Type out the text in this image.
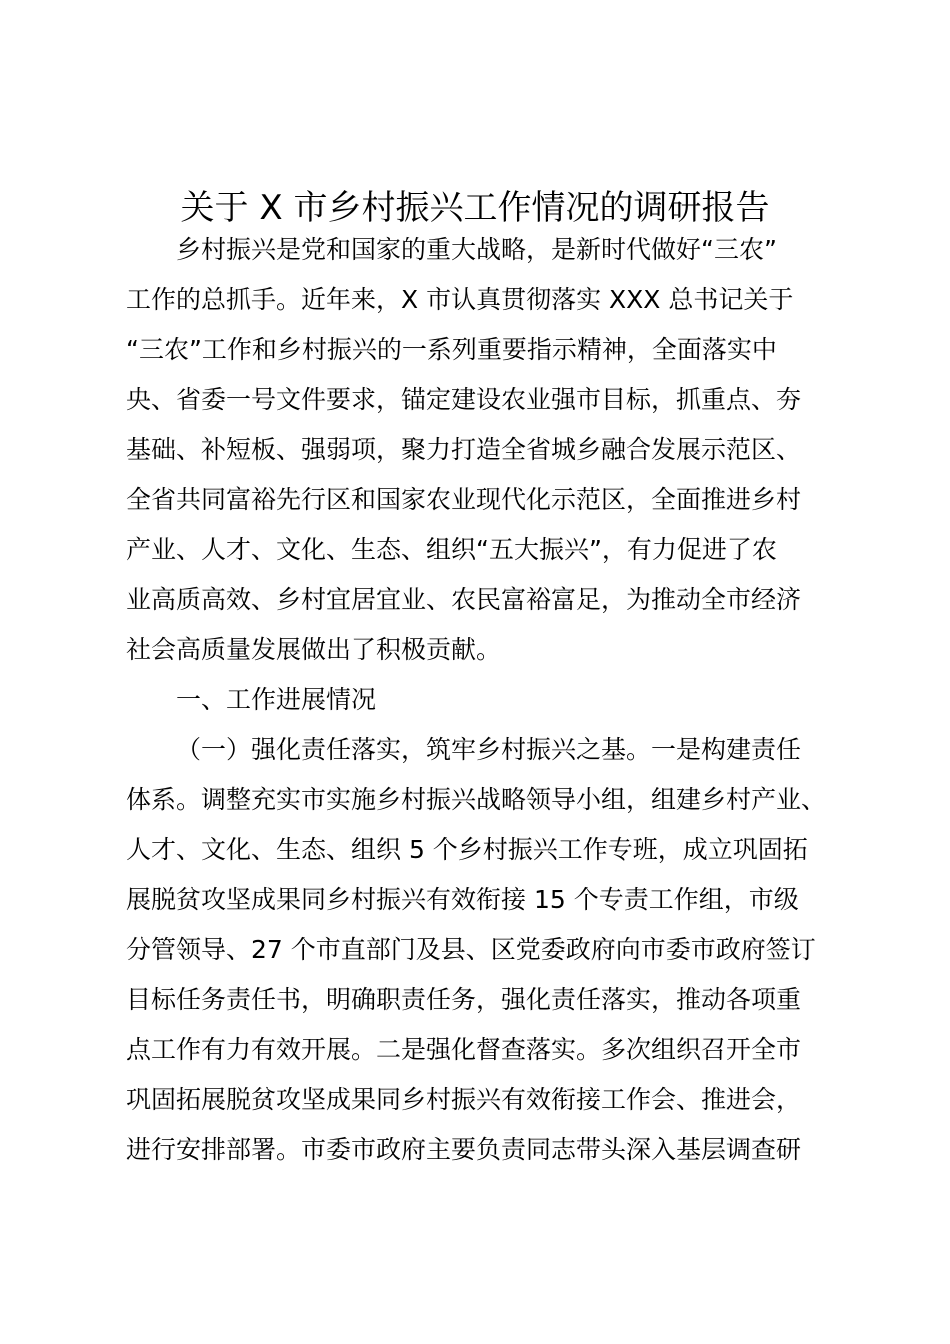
关于 X 市乡村振兴工作情况的调研报告

乡村振兴是党和国家的重大战略，是新时代做好“三农”

工作的总抓手。近年来，X 市认真贯彻落实 XXX 总书记关于

“三农”工作和乡村振兴的一系列重要指示精神，全面落实中

央、省委一号文件要求，锚定建设农业强市目标，抓重点、夯

基础、补短板、强弱项，聚力打造全省城乡融合发展示范区、

全省共同富裕先行区和国家农业现代化示范区，全面推进乡村

产业、人才、文化、生态、组织“五大振兴”，有力促进了农

业高质高效、乡村宜居宜业、农民富裕富足，为推动全市经济

社会高质量发展做出了积极贡献。

一、工作进展情况

（一）强化责任落实，筑牢乡村振兴之基。一是构建责任

体系。调整充实市实施乡村振兴战略领导小组，组建乡村产业、

人才、文化、生态、组织 5 个乡村振兴工作专班，成立巩固拓

展脱贫攻坚成果同乡村振兴有效衔接 15 个专责工作组，市级

分管领导、27 个市直部门及县、区党委政府向市委市政府签订

目标任务责任书，明确职责任务，强化责任落实，推动各项重

点工作有力有效开展。二是强化督查落实。多次组织召开全市

巩固拓展脱贫攻坚成果同乡村振兴有效衔接工作会、推进会，

进行安排部署。市委市政府主要负责同志带头深入基层调查研
